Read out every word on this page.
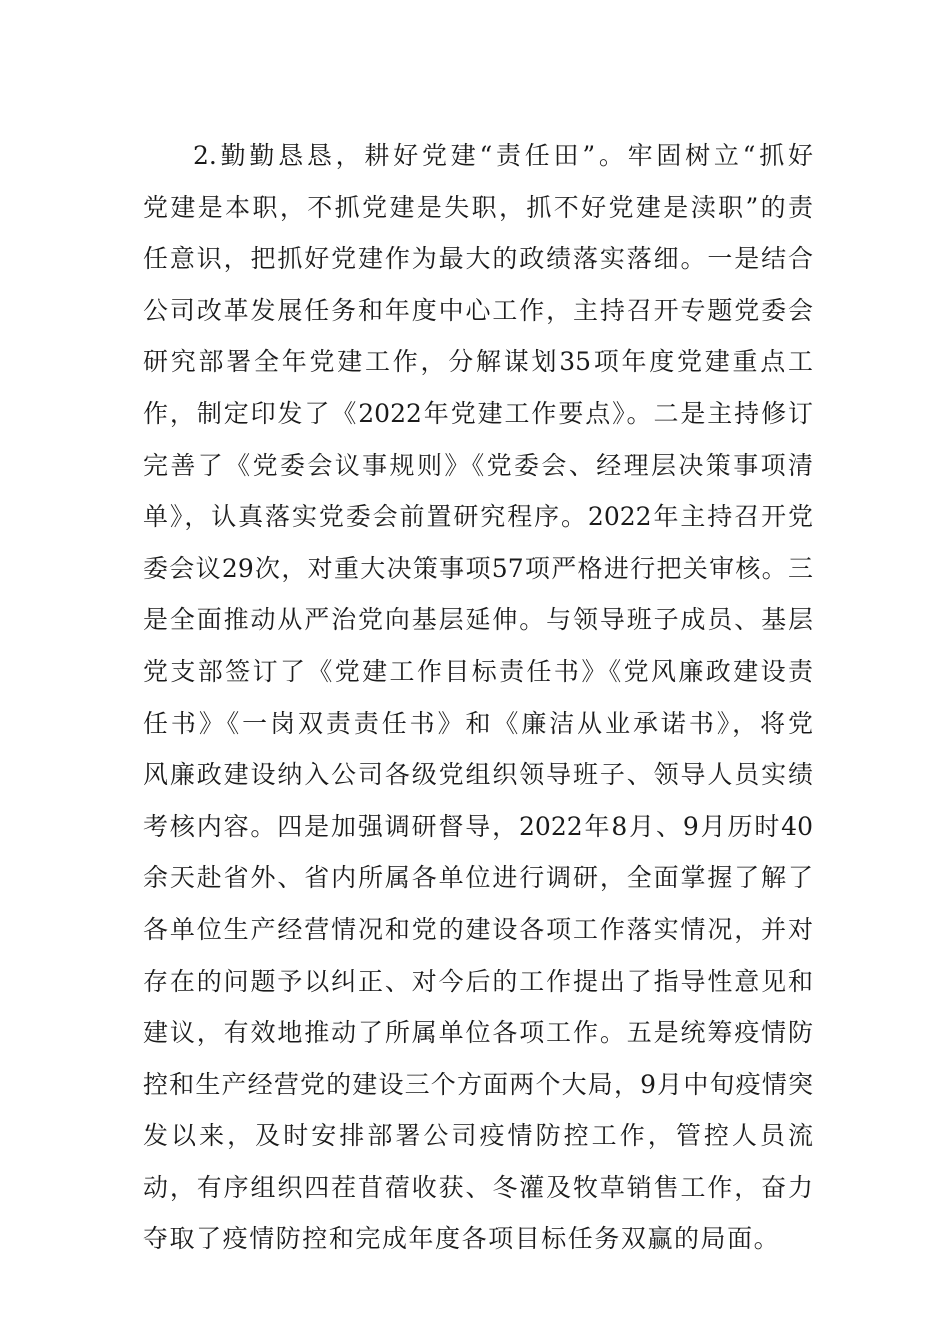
2.勤勤恳恳，耕好党建“责任田”。牢固树立“抓好
党建是本职，不抓党建是失职，抓不好党建是渎职”的责
任意识，把抓好党建作为最大的政绩落实落细。一是结合
公司改革发展任务和年度中心工作，主持召开专题党委会
研究部署全年党建工作，分解谋划35项年度党建重点工
作，制定印发了《2022年党建工作要点》。二是主持修订
完善了《党委会议事规则》《党委会、经理层决策事项清
单》，认真落实党委会前置研究程序。2022年主持召开党
委会议29次，对重大决策事项57项严格进行把关审核。三
是全面推动从严治党向基层延伸。与领导班子成员、基层
党支部签订了《党建工作目标责任书》《党风廉政建设责
任书》《一岗双责责任书》和《廉洁从业承诺书》，将党
风廉政建设纳入公司各级党组织领导班子、领导人员实绩
考核内容。四是加强调研督导，2022年8月、9月历时40
余天赴省外、省内所属各单位进行调研，全面掌握了解了
各单位生产经营情况和党的建设各项工作落实情况，并对
存在的问题予以纠正、对今后的工作提出了指导性意见和
建议，有效地推动了所属单位各项工作。五是统筹疫情防
控和生产经营党的建设三个方面两个大局，9月中旬疫情突
发以来，及时安排部署公司疫情防控工作，管控人员流
动，有序组织四茬苜蓿收获、冬灌及牧草销售工作，奋力
夺取了疫情防控和完成年度各项目标任务双赢的局面。
